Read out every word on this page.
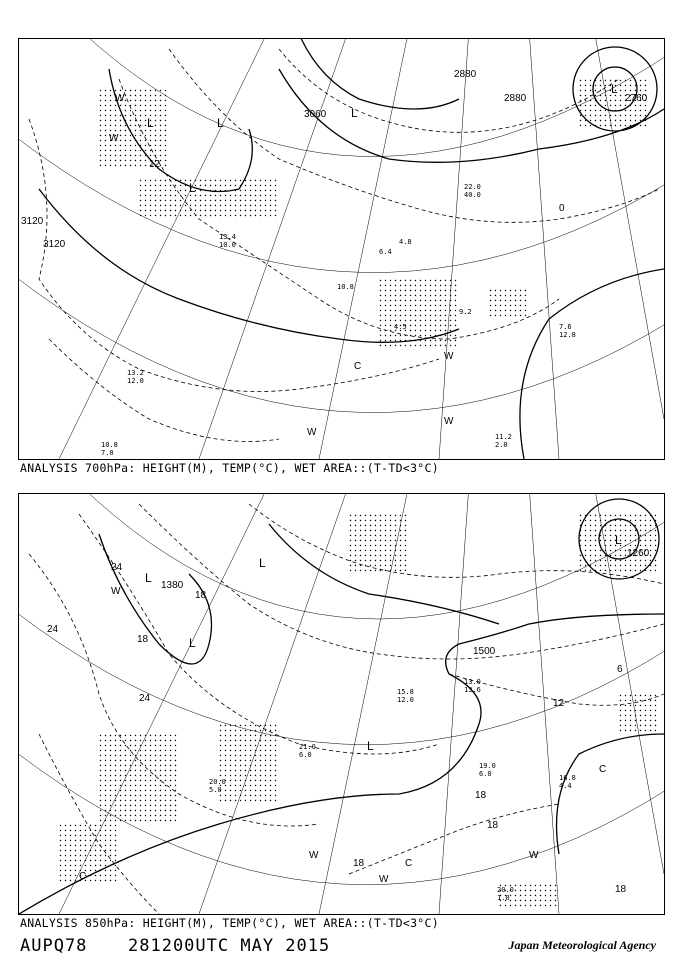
3120
3120
3060
2880
2880	2760
12
0
C
W
W
W
W
W
L
L
L
L
L
13.4
10.0
9.2
6.4
4.8
11.2
2.0
7.6
12.8
10.8
4.5
13.2
12.0
10.8
7.0
22.0
40.0
ANALYSIS 700hPa: HEIGHT(M), TEMP(°C), WET AREA::(T-TD<3°C)
1380
1500
1260
24
24
24
18
18
18
18
18
18
12
6
C
C
C
W
W
W
W
L
L
L
L
L
19.0
6.0	16.8
4.4
20.0
1.0
20.0
5.0
13.0
13.6
21.0
6.0
15.8
12.0
ANALYSIS 850hPa: HEIGHT(M), TEMP(°C), WET AREA::(T-TD<3°C)
AUPQ78 281200UTC MAY 2015	Japan Meteorological Agency
